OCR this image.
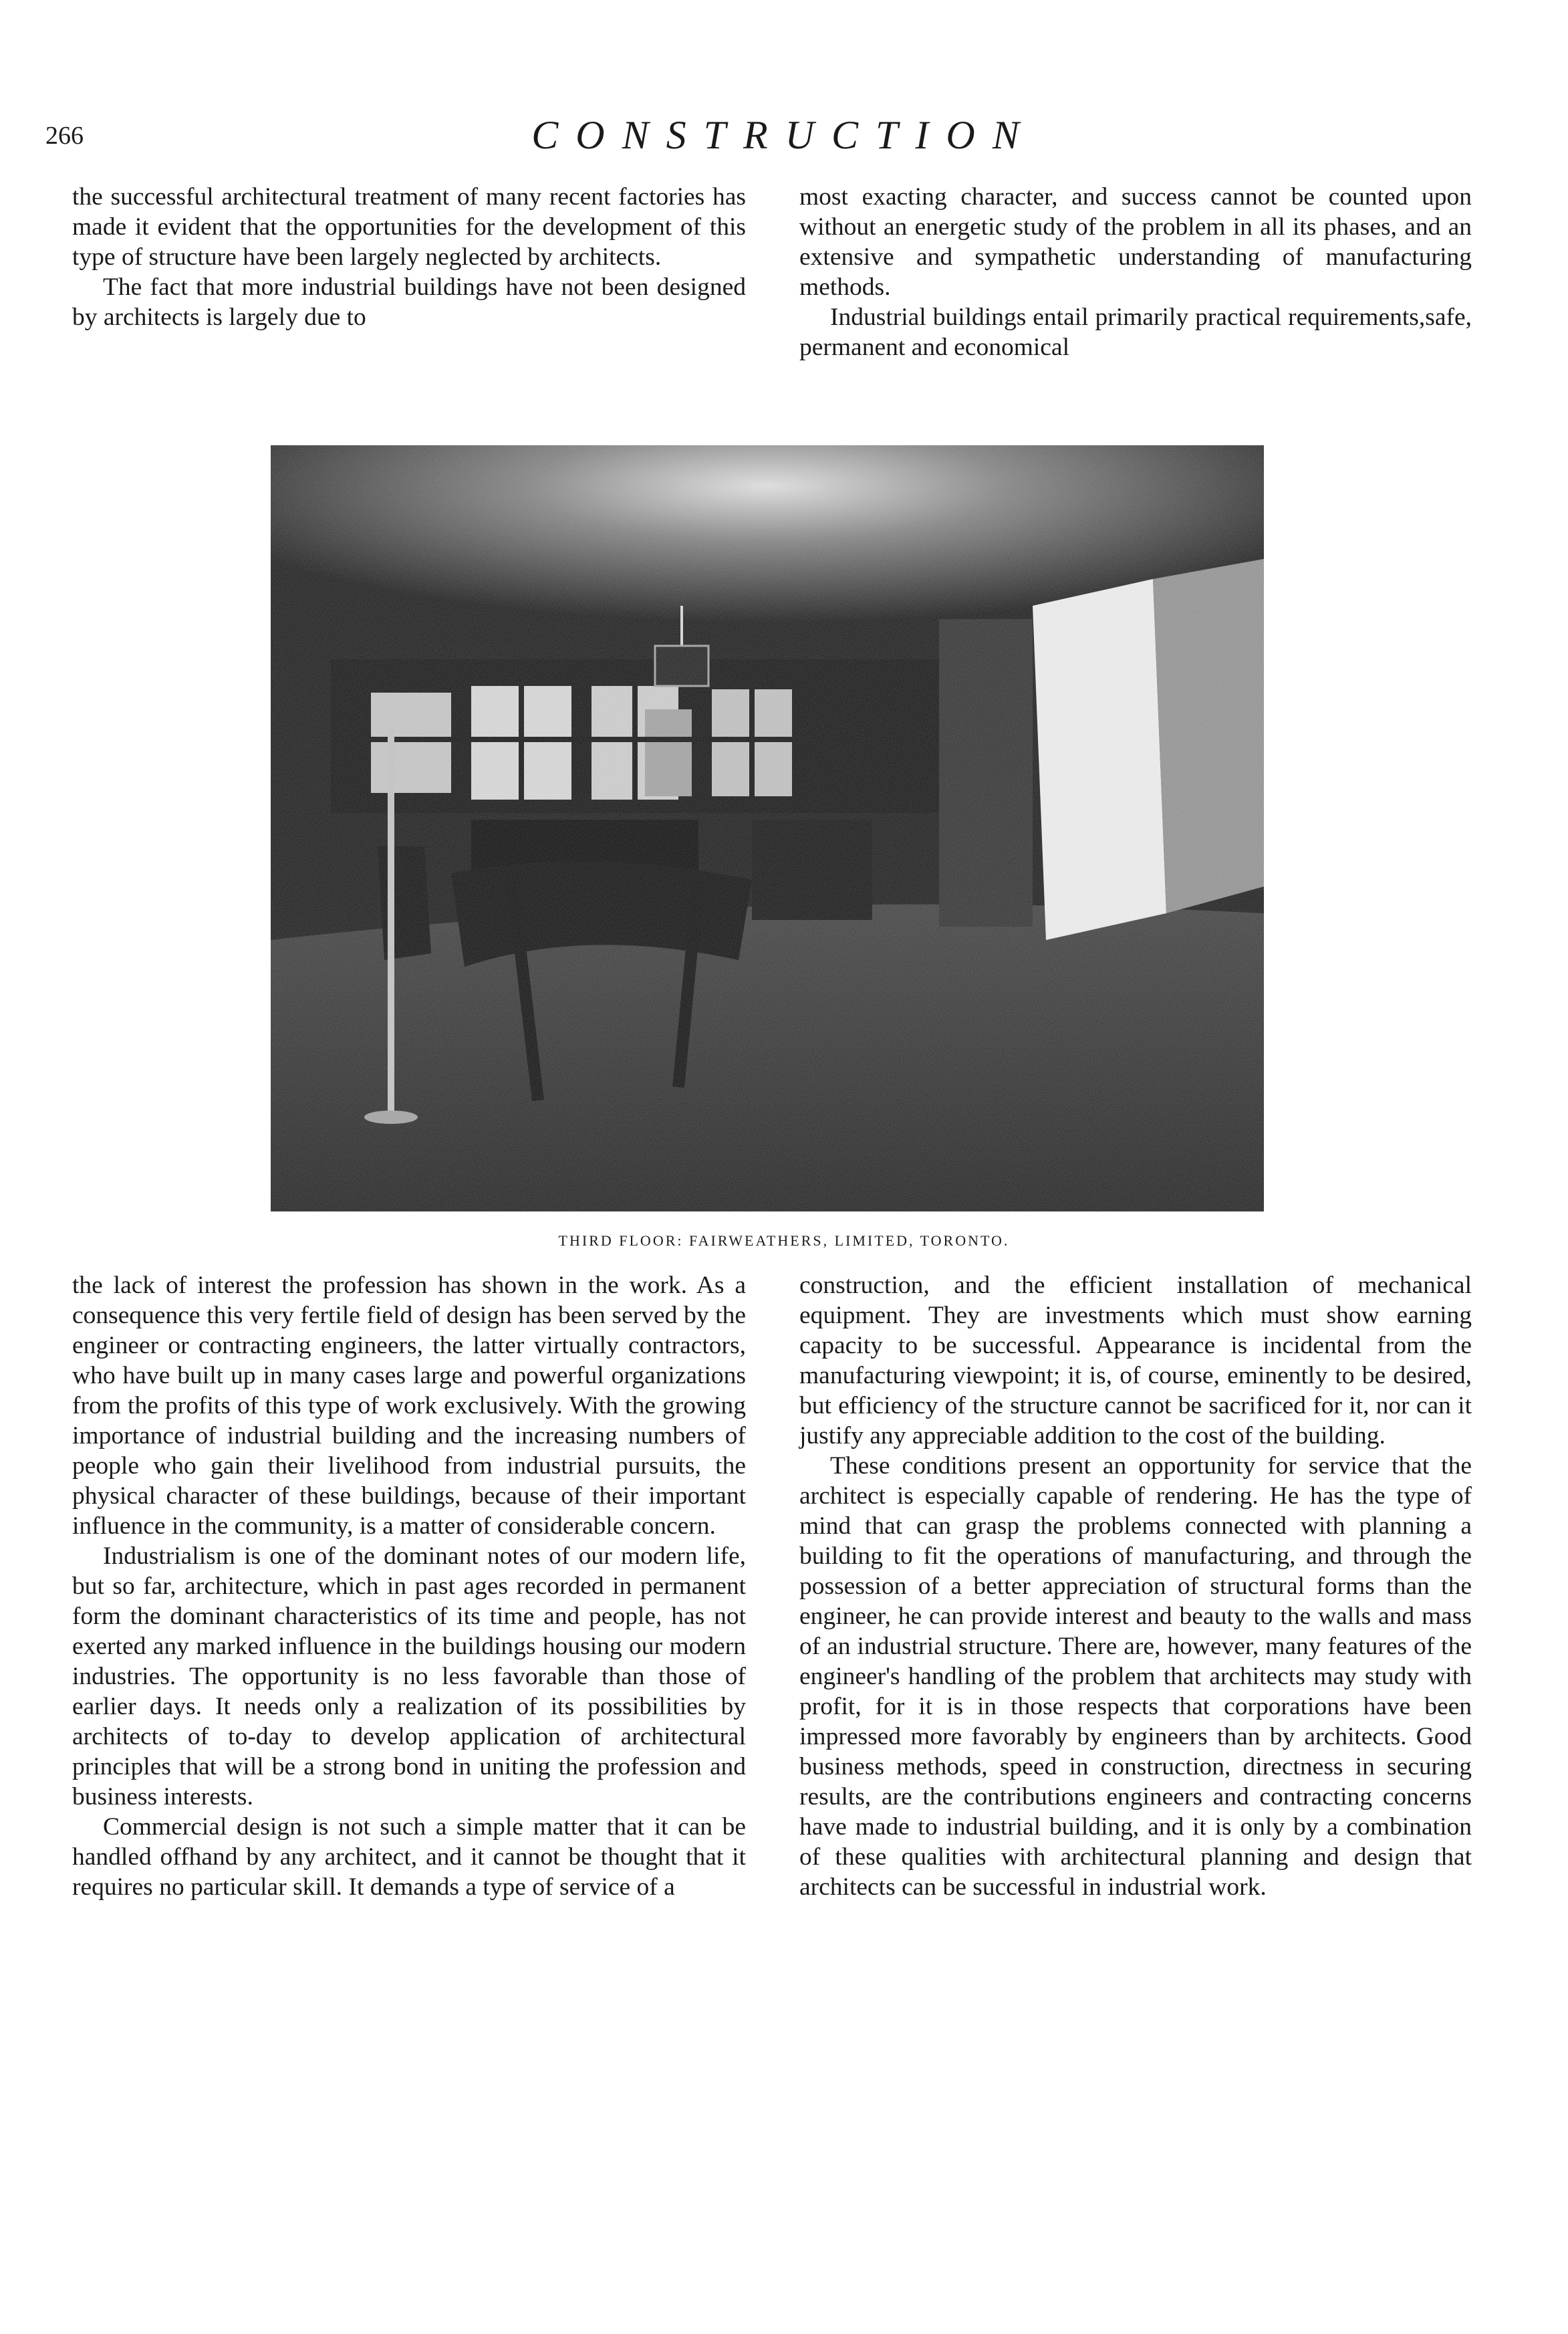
266	CONSTRUCTION

the successful architectural treatment of many recent factories has made it evident that the opportunities for the development of this type of structure have been largely neglected by architects.

The fact that more industrial buildings have not been designed by architects is largely due to

most exacting character, and success cannot be counted upon without an energetic study of the problem in all its phases, and an extensive and sympathetic understanding of manufacturing methods.

Industrial buildings entail primarily practical requirements,safe, permanent and economical

THIRD FLOOR: FAIRWEATHERS, LIMITED, TORONTO.

the lack of interest the profession has shown in the work. As a consequence this very fertile field of design has been served by the engineer or contracting engineers, the latter virtually contractors, who have built up in many cases large and powerful organizations from the profits of this type of work exclusively. With the growing importance of industrial building and the increasing numbers of people who gain their livelihood from industrial pursuits, the physical character of these buildings, because of their important influence in the community, is a matter of considerable concern.

Industrialism is one of the dominant notes of our modern life, but so far, architecture, which in past ages recorded in permanent form the dominant characteristics of its time and people, has not exerted any marked influence in the buildings housing our modern industries. The opportunity is no less favorable than those of earlier days. It needs only a realization of its possibilities by architects of to-day to develop application of architectural principles that will be a strong bond in uniting the profession and business interests.

Commercial design is not such a simple matter that it can be handled offhand by any architect, and it cannot be thought that it requires no particular skill. It demands a type of service of a

construction, and the efficient installation of mechanical equipment. They are investments which must show earning capacity to be successful. Appearance is incidental from the manufacturing viewpoint; it is, of course, eminently to be desired, but efficiency of the structure cannot be sacrificed for it, nor can it justify any appreciable addition to the cost of the building.

These conditions present an opportunity for service that the architect is especially capable of rendering. He has the type of mind that can grasp the problems connected with planning a building to fit the operations of manufacturing, and through the possession of a better appreciation of structural forms than the engineer, he can provide interest and beauty to the walls and mass of an industrial structure. There are, however, many features of the engineer's handling of the problem that architects may study with profit, for it is in those respects that corporations have been impressed more favorably by engineers than by architects. Good business methods, speed in construction, directness in securing results, are the contributions engineers and contracting concerns have made to industrial building, and it is only by a combination of these qualities with architectural planning and design that architects can be successful in industrial work.
